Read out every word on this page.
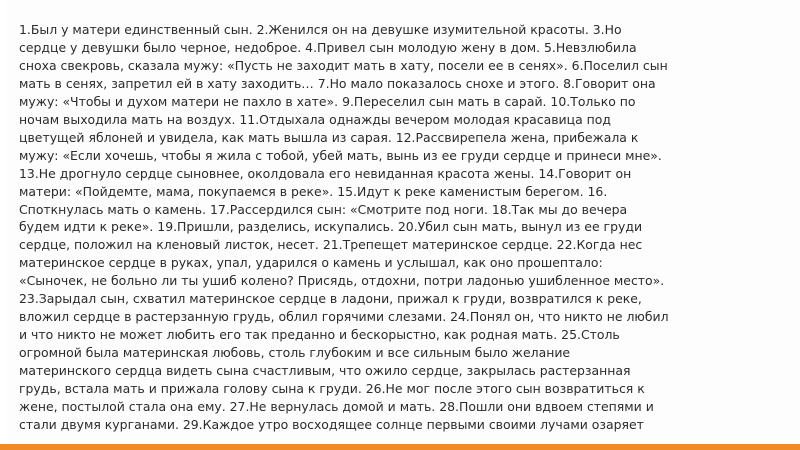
1.Был у матери единственный сын. 2.Женился он на девушке изумительной красоты. 3.Но
сердце у девушки было черное, недоброе. 4.Привел сын молодую жену в дом. 5.Невзлюбила
сноха свекровь, сказала мужу: «Пусть не заходит мать в хату, посели ее в сенях». 6.Поселил сын
мать в сенях, запретил ей в хату заходить… 7.Но мало показалось снохе и этого. 8.Говорит она
мужу: «Чтобы и духом матери не пахло в хате». 9.Переселил сын мать в сарай. 10.Только по
ночам выходила мать на воздух. 11.Отдыхала однажды вечером молодая красавица под
цветущей яблоней и увидела, как мать вышла из сарая. 12.Рассвирепела жена, прибежала к
мужу: «Если хочешь, чтобы я жила с тобой, убей мать, вынь из ее груди сердце и принеси мне».
13.Не дрогнуло сердце сыновнее, околдовала его невиданная красота жены. 14.Говорит он
матери: «Пойдемте, мама, покупаемся в реке». 15.Идут к реке каменистым берегом. 16.
Споткнулась мать о камень. 17.Рассердился сын: «Смотрите под ноги. 18.Так мы до вечера
будем идти к реке». 19.Пришли, разделись, искупались. 20.Убил сын мать, вынул из ее груди
сердце, положил на кленовый листок, несет. 21.Трепещет материнское сердце. 22.Когда нес
материнское сердце в руках, упал, ударился о камень и услышал, как оно прошептало:
«Сыночек, не больно ли ты ушиб колено? Присядь, отдохни, потри ладонью ушибленное место».
23.Зарыдал сын, схватил материнское сердце в ладони, прижал к груди, возвратился к реке,
вложил сердце в растерзанную грудь, облил горячими слезами. 24.Понял он, что никто не любил
и что никто не может любить его так преданно и бескорыстно, как родная мать. 25.Столь
огромной была материнская любовь, столь глубоким и все сильным было желание
материнского сердца видеть сына счастливым, что ожило сердце, закрылась растерзанная
грудь, встала мать и прижала голову сына к груди. 26.Не мог после этого сын возвратиться к
жене, постылой стала она ему. 27.Не вернулась домой и мать. 28.Пошли они вдвоем степями и
стали двумя курганами. 29.Каждое утро восходящее солнце первыми своими лучами озаряет
